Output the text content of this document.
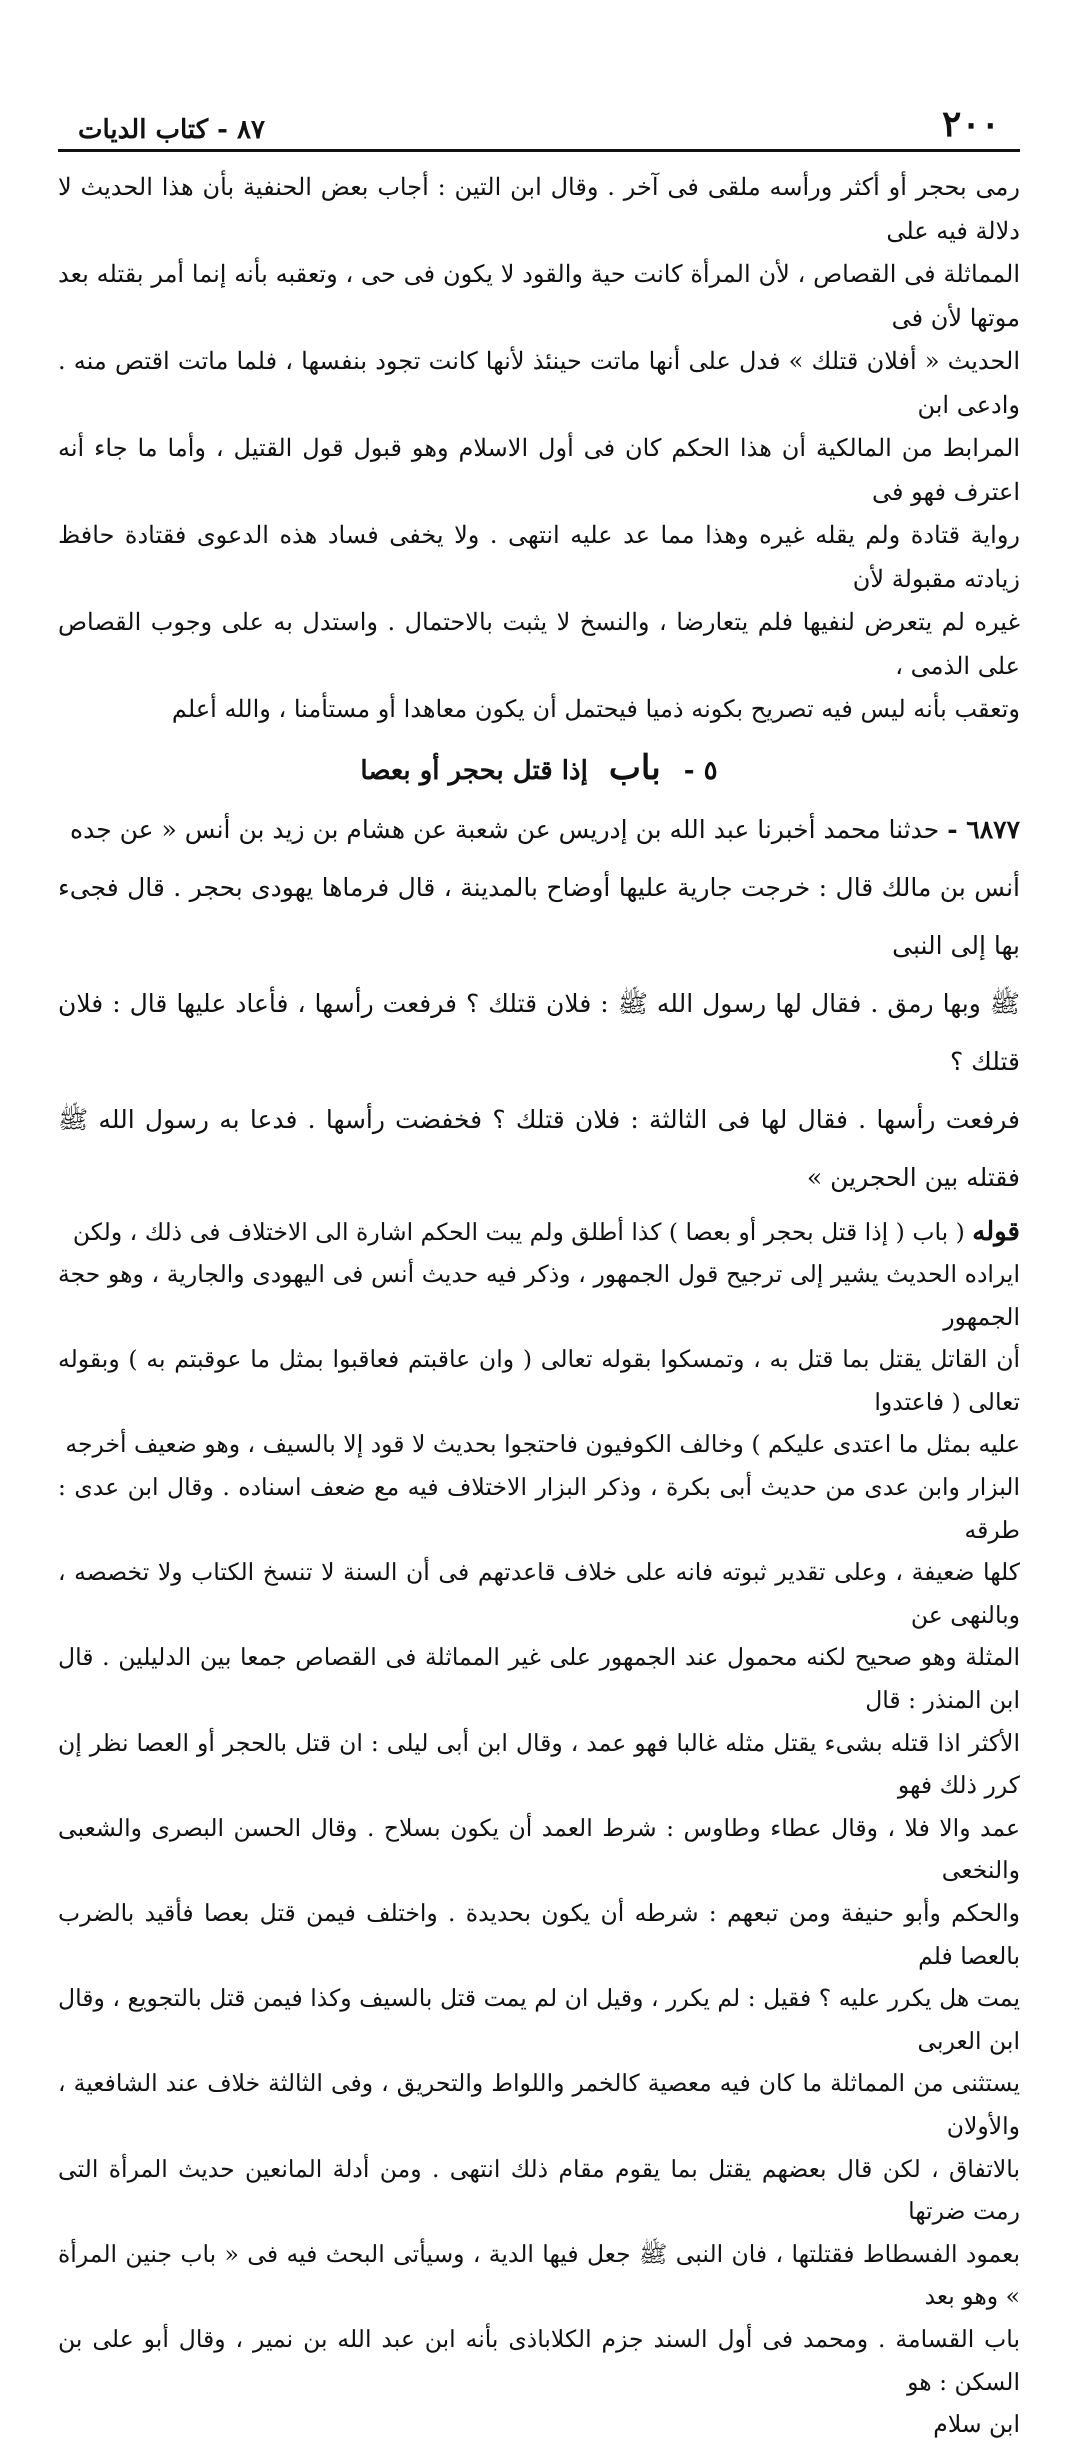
٢٠٠
٨٧ - كتاب الديات

رمى بحجر أو أكثر ورأسه ملقى فى آخر . وقال ابن التين : أجاب بعض الحنفية بأن هذا الحديث لا دلالة فيه على

المماثلة فى القصاص ، لأن المرأة كانت حية والقود لا يكون فى حى ، وتعقبه بأنه إنما أمر بقتله بعد موتها لأن فى

الحديث « أفلان قتلك » فدل على أنها ماتت حينئذ لأنها كانت تجود بنفسها ، فلما ماتت اقتص منه . وادعى ابن

المرابط من المالكية أن هذا الحكم كان فى أول الاسلام وهو قبول قول القتيل ، وأما ما جاء أنه اعترف فهو فى

رواية قتادة ولم يقله غيره وهذا مما عد عليه انتهى . ولا يخفى فساد هذه الدعوى فقتادة حافظ زيادته مقبولة لأن

غيره لم يتعرض لنفيها فلم يتعارضا ، والنسخ لا يثبت بالاحتمال . واستدل به على وجوب القصاص على الذمى ،

وتعقب بأنه ليس فيه تصريح بكونه ذميا فيحتمل أن يكون معاهدا أو مستأمنا ، والله أعلم

٥ - باب إذا قتل بحجر أو بعصا

٦٨٧٧ - حدثنا محمد أخبرنا عبد الله بن إدريس عن شعبة عن هشام بن زيد بن أنس « عن جده

أنس بن مالك قال : خرجت جارية عليها أوضاح بالمدينة ، قال فرماها يهودى بحجر . قال فجىء بها إلى النبى

ﷺ وبها رمق . فقال لها رسول الله ﷺ : فلان قتلك ؟ فرفعت رأسها ، فأعاد عليها قال : فلان قتلك ؟

فرفعت رأسها . فقال لها فى الثالثة : فلان قتلك ؟ فخفضت رأسها . فدعا به رسول الله ﷺ فقتله بين الحجرين »

قوله ( باب ( إذا قتل بحجر أو بعصا ) كذا أطلق ولم يبت الحكم اشارة الى الاختلاف فى ذلك ، ولكن

ايراده الحديث يشير إلى ترجيح قول الجمهور ، وذكر فيه حديث أنس فى اليهودى والجارية ، وهو حجة الجمهور

أن القاتل يقتل بما قتل به ، وتمسكوا بقوله تعالى ( وان عاقبتم فعاقبوا بمثل ما عوقبتم به ) وبقوله تعالى ( فاعتدوا

عليه بمثل ما اعتدى عليكم ) وخالف الكوفيون فاحتجوا بحديث لا قود إلا بالسيف ، وهو ضعيف أخرجه

البزار وابن عدى من حديث أبى بكرة ، وذكر البزار الاختلاف فيه مع ضعف اسناده . وقال ابن عدى : طرقه

كلها ضعيفة ، وعلى تقدير ثبوته فانه على خلاف قاعدتهم فى أن السنة لا تنسخ الكتاب ولا تخصصه ، وبالنهى عن

المثلة وهو صحيح لكنه محمول عند الجمهور على غير المماثلة فى القصاص جمعا بين الدليلين . قال ابن المنذر : قال

الأكثر اذا قتله بشىء يقتل مثله غالبا فهو عمد ، وقال ابن أبى ليلى : ان قتل بالحجر أو العصا نظر إن كرر ذلك فهو

عمد والا فلا ، وقال عطاء وطاوس : شرط العمد أن يكون بسلاح . وقال الحسن البصرى والشعبى والنخعى

والحكم وأبو حنيفة ومن تبعهم : شرطه أن يكون بحديدة . واختلف فيمن قتل بعصا فأقيد بالضرب بالعصا فلم

يمت هل يكرر عليه ؟ فقيل : لم يكرر ، وقيل ان لم يمت قتل بالسيف وكذا فيمن قتل بالتجويع ، وقال ابن العربى

يستثنى من المماثلة ما كان فيه معصية كالخمر واللواط والتحريق ، وفى الثالثة خلاف عند الشافعية ، والأولان

بالاتفاق ، لكن قال بعضهم يقتل بما يقوم مقام ذلك انتهى . ومن أدلة المانعين حديث المرأة التى رمت ضرتها

بعمود الفسطاط فقتلتها ، فان النبى ﷺ جعل فيها الدية ، وسيأتى البحث فيه فى « باب جنين المرأة » وهو بعد

باب القسامة . ومحمد فى أول السند جزم الكلاباذى بأنه ابن عبد الله بن نمير ، وقال أبو على بن السكن : هو

ابن سلام
